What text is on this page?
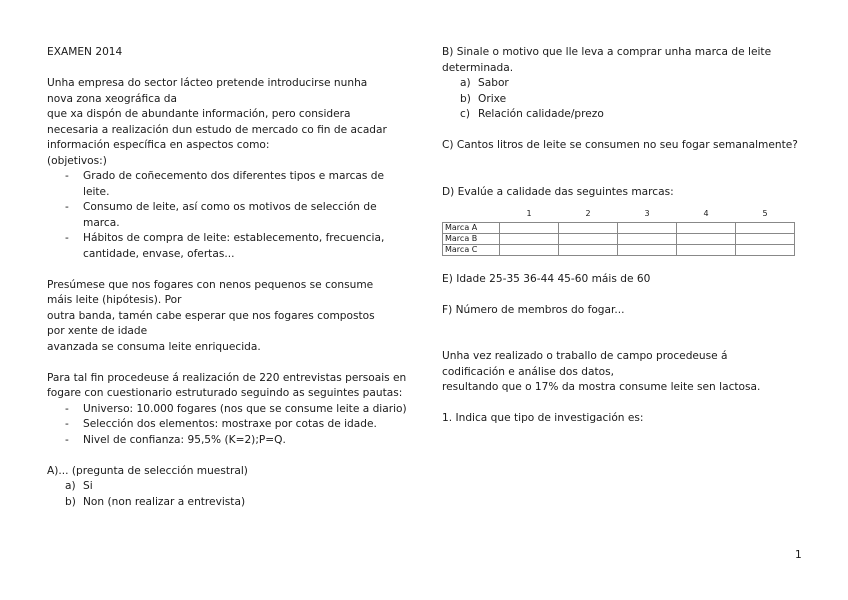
EXAMEN 2014

Unha empresa do sector lácteo pretende introducirse nunha

nova zona xeográfica da

que xa dispón de abundante información, pero considera

necesaria a realización dun estudo de mercado co fin de acadar

información específica en aspectos como:

(objetivos:)

- Grado de coñecemento dos diferentes tipos e marcas de leite.
- Consumo de leite, así como os motivos de selección de marca.
- Hábitos de compra de leite: establecemento, frecuencia, cantidade, envase, ofertas...

Presúmese que nos fogares con nenos pequenos se consume

máis leite (hipótesis). Por

outra banda, tamén cabe esperar que nos fogares compostos

por xente de idade

avanzada se consuma leite enriquecida.

Para tal fin procedeuse á realización de 220 entrevistas persoais en fogare con cuestionario estruturado seguindo as seguintes pautas:

- Universo: 10.000 fogares (nos que se consume leite a diario)
- Selección dos elementos: mostraxe por cotas de idade.
- Nivel de confianza: 95,5% (K=2);P=Q.

A)... (pregunta de selección muestral)

a) Si
b) Non (non realizar a entrevista)

B) Sinale o motivo que lle leva a comprar unha marca de leite determinada.

a) Sabor
b) Orixe
c) Relación calidade/prezo

C) Cantos litros de leite se consumen no seu fogar semanalmente?

D) Evalúe a calidade das seguintes marcas:

	1	2	3	4	5
Marca A					
Marca B					
Marca C					

E) Idade 25-35 36-44 45-60 máis de 60

F) Número de membros do fogar...

Unha vez realizado o traballo de campo procedeuse á

codificación e análise dos datos,

resultando que o 17% da mostra consume leite sen lactosa.

1. Indica que tipo de investigación es:

1
